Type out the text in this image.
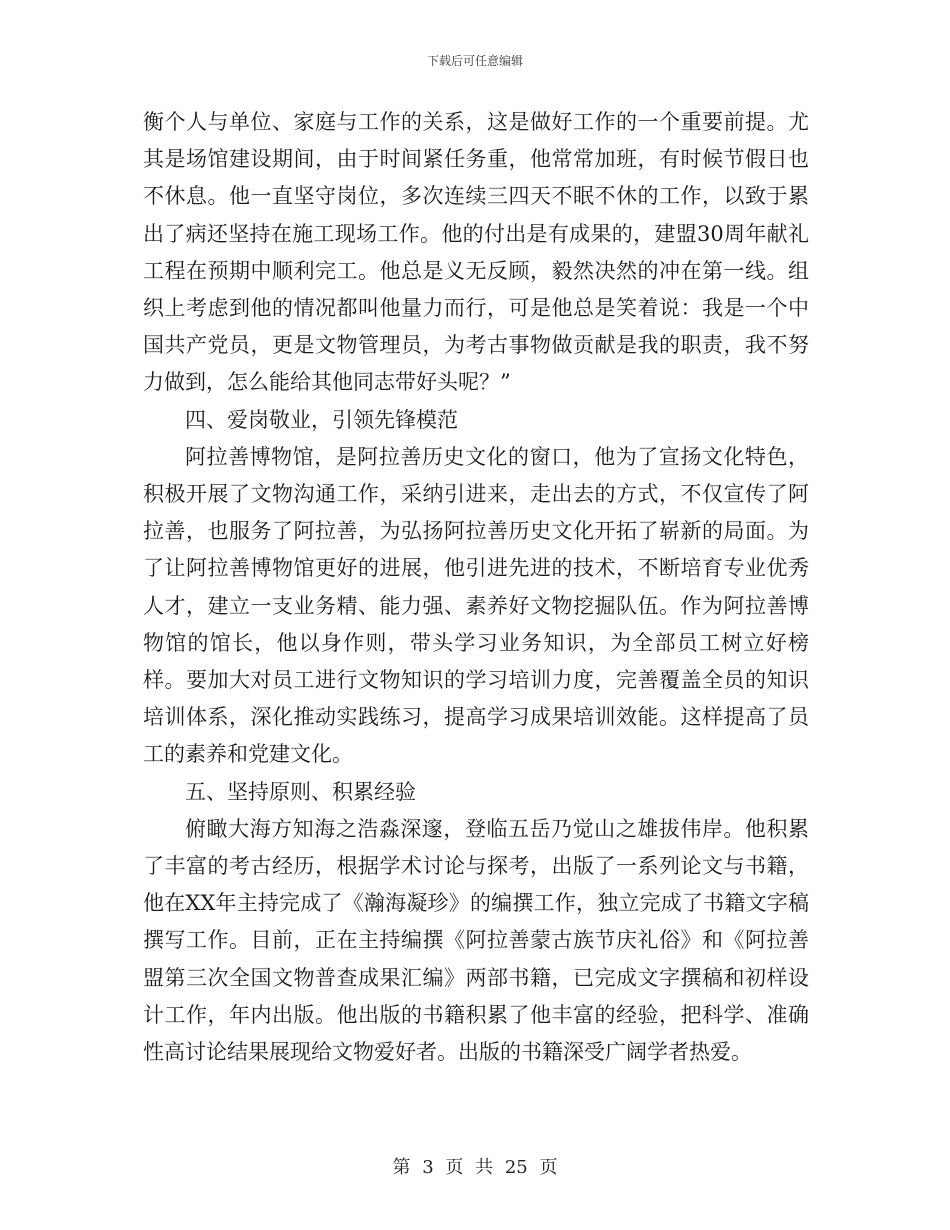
下载后可任意编辑

衡个人与单位、家庭与工作的关系，这是做好工作的一个重要前提。尤其是场馆建设期间，由于时间紧任务重，他常常加班，有时候节假日也不休息。他一直坚守岗位，多次连续三四天不眠不休的工作，以致于累出了病还坚持在施工现场工作。他的付出是有成果的，建盟30周年献礼工程在预期中顺利完工。他总是义无反顾，毅然决然的冲在第一线。组织上考虑到他的情况都叫他量力而行，可是他总是笑着说：我是一个中国共产党员，更是文物管理员，为考古事物做贡献是我的职责，我不努力做到，怎么能给其他同志带好头呢？”

四、爱岗敬业，引领先锋模范

阿拉善博物馆，是阿拉善历史文化的窗口，他为了宣扬文化特色，积极开展了文物沟通工作，采纳引进来，走出去的方式，不仅宣传了阿拉善，也服务了阿拉善，为弘扬阿拉善历史文化开拓了崭新的局面。为了让阿拉善博物馆更好的进展，他引进先进的技术，不断培育专业优秀人才，建立一支业务精、能力强、素养好文物挖掘队伍。作为阿拉善博物馆的馆长，他以身作则，带头学习业务知识，为全部员工树立好榜样。要加大对员工进行文物知识的学习培训力度，完善覆盖全员的知识培训体系，深化推动实践练习，提高学习成果培训效能。这样提高了员工的素养和党建文化。

五、坚持原则、积累经验

俯瞰大海方知海之浩淼深邃，登临五岳乃觉山之雄拔伟岸。他积累了丰富的考古经历，根据学术讨论与探考，出版了一系列论文与书籍，他在XX年主持完成了《瀚海凝珍》的编撰工作，独立完成了书籍文字稿撰写工作。目前，正在主持编撰《阿拉善蒙古族节庆礼俗》和《阿拉善盟第三次全国文物普查成果汇编》两部书籍，已完成文字撰稿和初样设计工作，年内出版。他出版的书籍积累了他丰富的经验，把科学、准确性高讨论结果展现给文物爱好者。出版的书籍深受广阔学者热爱。

第 3 页 共 25 页
